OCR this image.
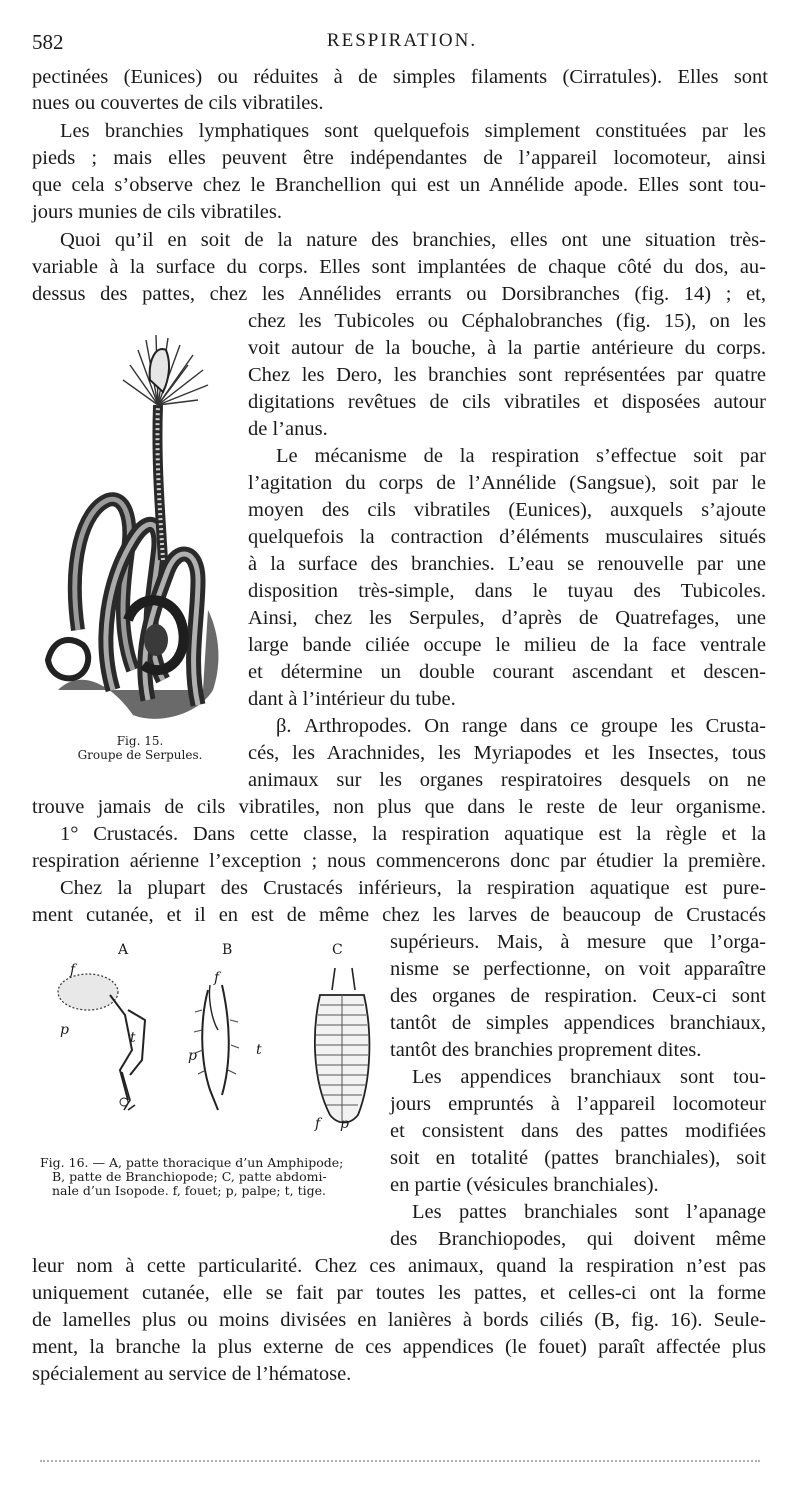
582	RESPIRATION.
pectinées (Eunices) ou réduites à de simples filaments (Cirratules). Elles sont
nues ou couvertes de cils vibratiles.
Les branchies lymphatiques sont quelquefois simplement constituées par les
pieds ; mais elles peuvent être indépendantes de l’appareil locomoteur, ainsi
que cela s’observe chez le Branchellion qui est un Annélide apode. Elles sont tou-
jours munies de cils vibratiles.
Quoi qu’il en soit de la nature des branchies, elles ont une situation très-
variable à la surface du corps. Elles sont implantées de chaque côté du dos, au-
dessus des pattes, chez les Annélides errants ou Dorsibranches (fig. 14) ; et,
chez les Tubicoles ou Céphalobranches (fig. 15), on les
voit autour de la bouche, à la partie antérieure du corps.
Chez les Dero, les branchies sont représentées par quatre
digitations revêtues de cils vibratiles et disposées autour
de l’anus.
Le mécanisme de la respiration s’effectue soit par
l’agitation du corps de l’Annélide (Sangsue), soit par le
moyen des cils vibratiles (Eunices), auxquels s’ajoute
quelquefois la contraction d’éléments musculaires situés
à la surface des branchies. L’eau se renouvelle par une
disposition très-simple, dans le tuyau des Tubicoles.
Ainsi, chez les Serpules, d’après de Quatrefages, une
large bande ciliée occupe le milieu de la face ventrale
et détermine un double courant ascendant et descen-
dant à l’intérieur du tube.
β. Arthropodes. On range dans ce groupe les Crusta-
cés, les Arachnides, les Myriapodes et les Insectes, tous
animaux sur les organes respiratoires desquels on ne
trouve jamais de cils vibratiles, non plus que dans le reste de leur organisme.
1° Crustacés. Dans cette classe, la respiration aquatique est la règle et la
respiration aérienne l’exception ; nous commencerons donc par étudier la première.
Chez la plupart des Crustacés inférieurs, la respiration aquatique est pure-
ment cutanée, et il en est de même chez les larves de beaucoup de Crustacés
supérieurs. Mais, à mesure que l’orga-
nisme se perfectionne, on voit apparaître
des organes de respiration. Ceux-ci sont
tantôt de simples appendices branchiaux,
tantôt des branchies proprement dites.
Les appendices branchiaux sont tou-
jours empruntés à l’appareil locomoteur
et consistent dans des pattes modifiées
soit en totalité (pattes branchiales), soit
en partie (vésicules branchiales).
Les pattes branchiales sont l’apanage
des Branchiopodes, qui doivent même
leur nom à cette particularité. Chez ces animaux, quand la respiration n’est pas
uniquement cutanée, elle se fait par toutes les pattes, et celles-ci ont la forme
de lamelles plus ou moins divisées en lanières à bords ciliés (B, fig. 16). Seule-
ment, la branche la plus externe de ces appendices (le fouet) paraît affectée plus
spécialement au service de l’hématose.
Fig. 15.
Groupe de Serpules.
A	B	C
f
p	t
f
p	t
f p
Fig. 16. — A, patte thoracique d’un Amphipode;
B, patte de Branchiopode; C, patte abdomi-
nale d’un Isopode. f, fouet; p, palpe; t, tige.
